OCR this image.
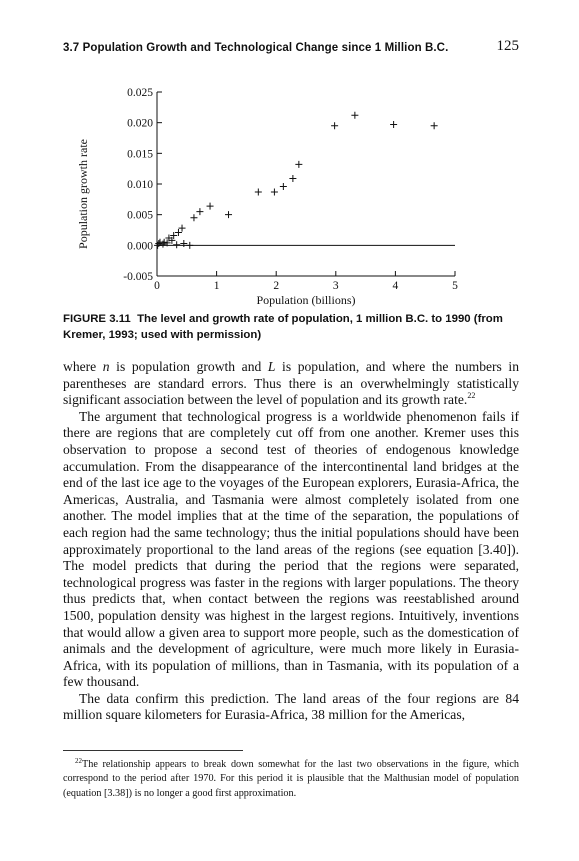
3.7 Population Growth and Technological Change since 1 Million B.C.	125
-0.005
0.000
0.005
0.010
0.015
0.020
0.025
0	1	2	3	4	5
Population (billions)
Population growth rate
FIGURE 3.11 The level and growth rate of population, 1 million B.C. to 1990 (from Kremer, 1993; used with permission)

where n is population growth and L is population, and where the numbers in parentheses are standard errors. Thus there is an overwhelmingly statistically significant association between the level of population and its growth rate.$^{22}$

The argument that technological progress is a worldwide phenomenon fails if there are regions that are completely cut off from one another. Kremer uses this observation to propose a second test of theories of endogenous knowledge accumulation. From the disappearance of the intercontinental land bridges at the end of the last ice age to the voyages of the European explorers, Eurasia-Africa, the Americas, Australia, and Tasmania were almost completely isolated from one another. The model implies that at the time of the separation, the populations of each region had the same technology; thus the initial populations should have been approximately proportional to the land areas of the regions (see equation [3.40]). The model predicts that during the period that the regions were separated, technological progress was faster in the regions with larger populations. The theory thus predicts that, when contact between the regions was reestablished around 1500, population density was highest in the largest regions. Intuitively, inventions that would allow a given area to support more people, such as the domestication of animals and the development of agriculture, were much more likely in Eurasia-Africa, with its population of millions, than in Tasmania, with its population of a few thousand.

The data confirm this prediction. The land areas of the four regions are 84 million square kilometers for Eurasia-Africa, 38 million for the Americas,

$^{22}$The relationship appears to break down somewhat for the last two observations in the figure, which correspond to the period after 1970. For this period it is plausible that the Malthusian model of population (equation [3.38]) is no longer a good first approximation.
